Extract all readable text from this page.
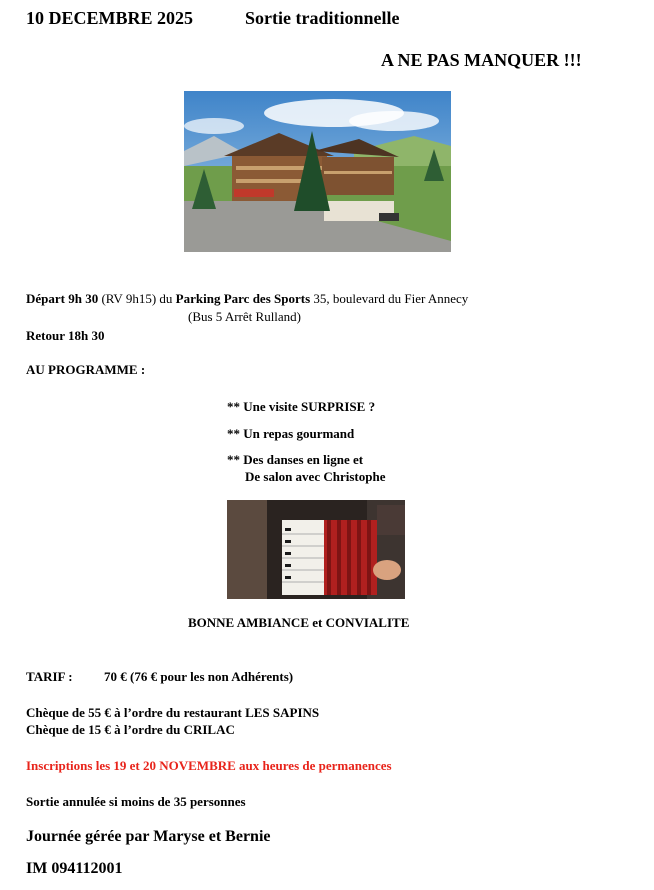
10 DECEMBRE 2025	Sortie traditionnelle
A NE PAS MANQUER !!!
Départ 9h 30 (RV 9h15) du Parking Parc des Sports 35, boulevard du Fier Annecy
(Bus 5 Arrêt Rulland)
Retour 18h 30
AU PROGRAMME :
** Une visite SURPRISE ?
** Un repas gourmand
** Des danses en ligne et
De salon avec Christophe
BONNE AMBIANCE et CONVIALITE
TARIF : 70 € (76 € pour les non Adhérents)
Chèque de 55 € à l’ordre du restaurant LES SAPINS
Chèque de 15 € à l’ordre du CRILAC
Inscriptions les 19 et 20 NOVEMBRE aux heures de permanences
Sortie annulée si moins de 35 personnes
Journée gérée par Maryse et Bernie
IM 094112001
